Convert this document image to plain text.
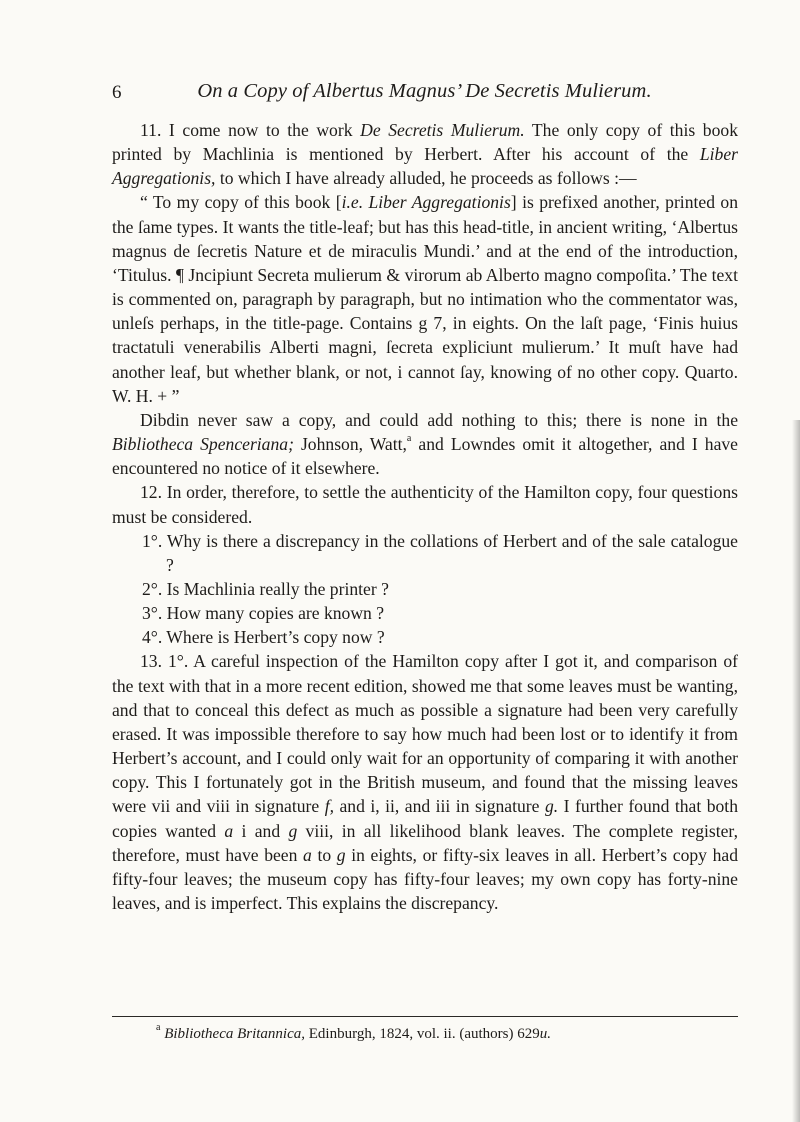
6	On a Copy of Albertus Magnus’ De Secretis Mulierum.

11. I come now to the work De Secretis Mulierum. The only copy of this book printed by Machlinia is mentioned by Herbert. After his account of the Liber Aggregationis, to which I have already alluded, he proceeds as follows :—

“ To my copy of this book [i.e. Liber Aggregationis] is prefixed another, printed on the ſame types. It wants the title-leaf; but has this head-title, in ancient writing, ‘Albertus magnus de ſecretis Nature et de miraculis Mundi.’ and at the end of the introduction, ‘Titulus. ¶ Jncipiunt Secreta mulierum & virorum ab Alberto magno compoſita.’ The text is commented on, paragraph by paragraph, but no intimation who the commentator was, unleſs perhaps, in the title-page. Contains g 7, in eights. On the laſt page, ‘Finis huius tractatuli venerabilis Alberti magni, ſecreta expliciunt mulierum.’ It muſt have had another leaf, but whether blank, or not, i cannot ſay, knowing of no other copy. Quarto. W. H. + ”

Dibdin never saw a copy, and could add nothing to this; there is none in the Bibliotheca Spenceriana; Johnson, Watt,$^a$ and Lowndes omit it altogether, and I have encountered no notice of it elsewhere.

12. In order, therefore, to settle the authenticity of the Hamilton copy, four questions must be considered.

1°. Why is there a discrepancy in the collations of Herbert and of the sale catalogue ?

2°. Is Machlinia really the printer ?

3°. How many copies are known ?

4°. Where is Herbert’s copy now ?

13. 1°. A careful inspection of the Hamilton copy after I got it, and comparison of the text with that in a more recent edition, showed me that some leaves must be wanting, and that to conceal this defect as much as possible a signature had been very carefully erased. It was impossible therefore to say how much had been lost or to identify it from Herbert’s account, and I could only wait for an opportunity of comparing it with another copy. This I fortunately got in the British museum, and found that the missing leaves were vii and viii in signature f, and i, ii, and iii in signature g. I further found that both copies wanted a i and g viii, in all likelihood blank leaves. The complete register, therefore, must have been a to g in eights, or fifty-six leaves in all. Herbert’s copy had fifty-four leaves; the museum copy has fifty-four leaves; my own copy has forty-nine leaves, and is imperfect. This explains the discrepancy.

$^a$ Bibliotheca Britannica, Edinburgh, 1824, vol. ii. (authors) 629u.
